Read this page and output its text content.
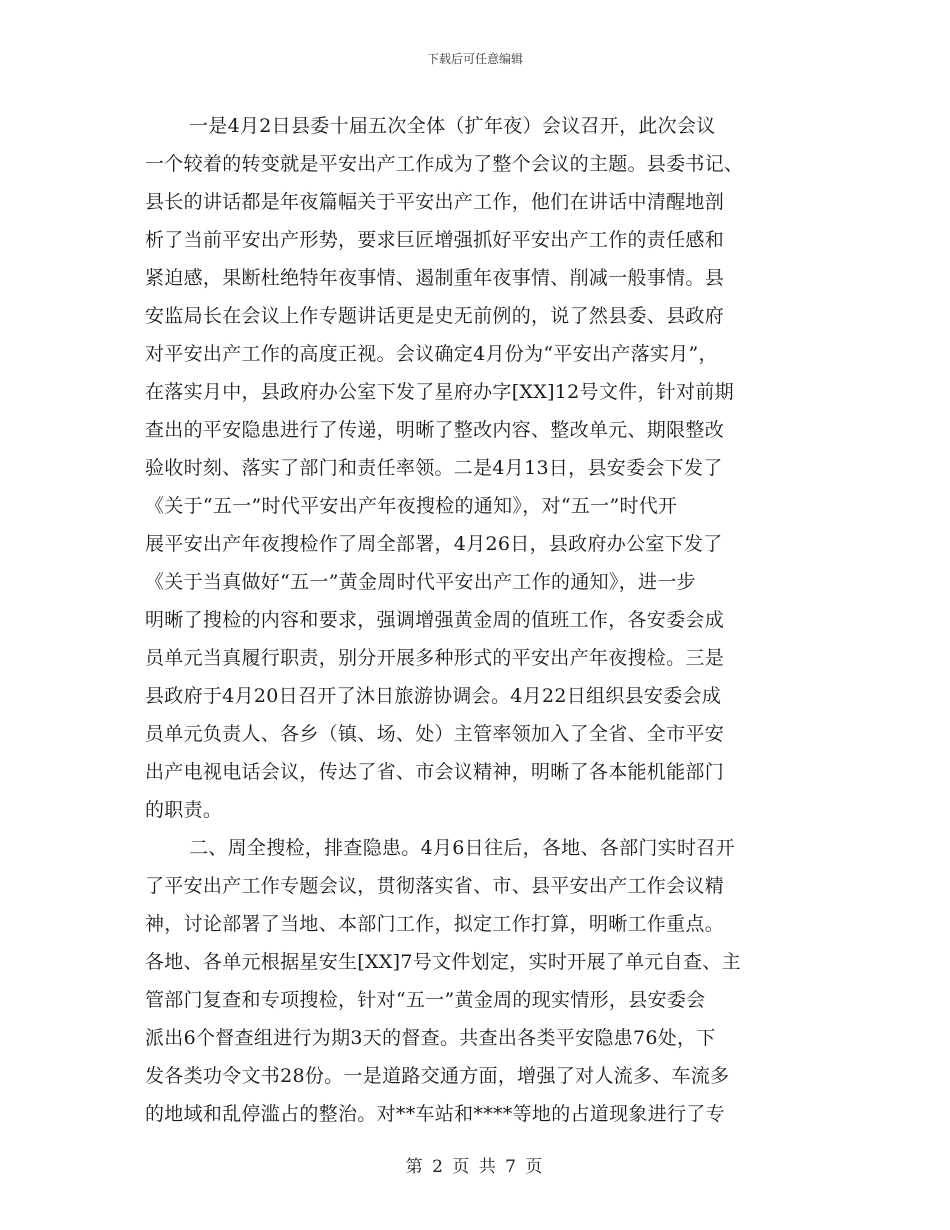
下载后可任意编辑
一是4月2日县委十届五次全体（扩年夜）会议召开，此次会议
一个较着的转变就是平安出产工作成为了整个会议的主题。县委书记、
县长的讲话都是年夜篇幅关于平安出产工作，他们在讲话中清醒地剖
析了当前平安出产形势，要求巨匠增强抓好平安出产工作的责任感和
紧迫感，果断杜绝特年夜事情、遏制重年夜事情、削减一般事情。县
安监局长在会议上作专题讲话更是史无前例的，说了然县委、县政府
对平安出产工作的高度正视。会议确定4月份为“平安出产落实月”，
在落实月中，县政府办公室下发了星府办字[XX]12号文件，针对前期
查出的平安隐患进行了传递，明晰了整改内容、整改单元、期限整改
验收时刻、落实了部门和责任率领。二是4月13日，县安委会下发了
《关于“五一”时代平安出产年夜搜检的通知》，对“五一”时代开
展平安出产年夜搜检作了周全部署，4月26日，县政府办公室下发了
《关于当真做好“五一”黄金周时代平安出产工作的通知》，进一步
明晰了搜检的内容和要求，强调增强黄金周的值班工作，各安委会成
员单元当真履行职责，别分开展多种形式的平安出产年夜搜检。三是
县政府于4月20日召开了沐日旅游协调会。4月22日组织县安委会成
员单元负责人、各乡（镇、场、处）主管率领加入了全省、全市平安
出产电视电话会议，传达了省、市会议精神，明晰了各本能机能部门
的职责。
二、周全搜检，排查隐患。4月6日往后，各地、各部门实时召开
了平安出产工作专题会议，贯彻落实省、市、县平安出产工作会议精
神，讨论部署了当地、本部门工作，拟定工作打算，明晰工作重点。
各地、各单元根据星安生[XX]7号文件划定，实时开展了单元自查、主
管部门复查和专项搜检，针对“五一”黄金周的现实情形，县安委会
派出6个督查组进行为期3天的督查。共查出各类平安隐患76处，下
发各类功令文书28份。一是道路交通方面，增强了对人流多、车流多
的地域和乱停滥占的整治。对**车站和****等地的占道现象进行了专
第 2 页 共 7 页
